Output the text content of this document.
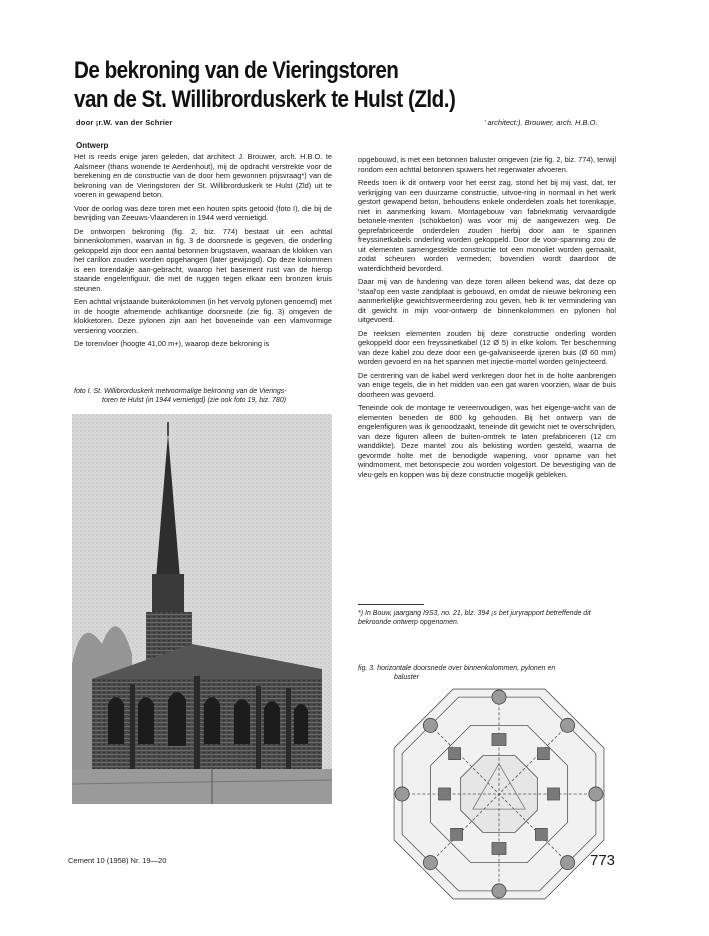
De bekroning van de Vieringstoren
van de St. Willibrorduskerk te Hulst (Zld.)
door ¡r.W. van der Schrier	' architect:). Brouwer, arch. H.B.O.
Ontwerp

Het is reeds enige jaren geleden, dat architect J. Brouwer, arch. H.B.O. te Aalsmeer (thans wonende te Aerdenhout), mij de opdracht verstrekte voor de berekening en de constructie van de door hem gewonnen prijsvraag*) van de bekroning van de Vieringstoren der St. Willibrorduskerk te Hulst (Zld) uit te voeren in gewapend beton.

Voor de oorlog was deze toren met een houten spits getooid (foto I), die bij de bevrijding van Zeeuws-Vlaanderen in 1944 werd vernietigd.

De ontworpen bekroning (fig. 2, biz. 774) bestaat uit een achttal binnenkolommen, waarvan in fig. 3 de doorsnede is gegeven, die onderling gekoppeld zijn door een aantal betonnen brugstaven, waaraan de klokken van het carillon zouden worden opgehangen (later gewijzigd). Op deze kolommen is een torendakje aan-gebracht, waarop het basement rust van de hierop staande engelenfiguur, die met de ruggen tegen elkaar een bronzen kruis steunen.

Een achttal vrijstaande buitenkolommen (in het vervolg pylonen genoemd) met in de hoogte afnemende achtkantige doorsnede (zie fig. 3) omgeven de klokketoren. Deze pylonen zijn aan het boveneinde van een vlamvormige versiering voorzien.

De torenvloer (hoogte 41,00 m+), waarop deze bekroning is

foto I. St. Willibrorduskerk metvoormalige bekroning van de Vierings-
toren te Hulst (in 1944 vernietigd) (zie ook foto 19, biz. 780)

opgebouwd, is met een betonnen baluster omgeven (zie fig. 2, biz. 774), terwijl rondom een achttal betonnen spuwers het regenwater afvoeren.

Reeds toen ik dit ontwerp voor het eerst zag, stond het bij mij vast, dat, ter verkrijging van een duurzame constructie, uitvoe-ring in normaal in het werk gestort gewapend beton, behoudens enkele onderdelen zoals het torenkapje, niet in aanmerking kwam. Montagebouw van fabriekmatig vervaardigde betonele-menten (schokbeton) was voor mij de aangewezen weg. De geprefabriceerde onderdelen zouden hierbij door aan te spannen freyssinetkabels onderling worden gekoppeld. Door de voor-spanning zou de uit elementen samengestelde constructie tot een monoliet worden gemaakt, zodat scheuren worden vermeden; bovendien wordt daardoor de waterdichtheid bevorderd.

Daar mij van de fundering van deze toren alleen bekend was, dat deze op 'staal'op een vaste zandplaat is gebouwd, en omdat de nieuwe bekroning een aanmerkelijke gewichtsvermeerdering zou geven, heb ik ter vermindering van dit gewicht in mijn voor-ontwerp de binnenkolommen en pylonen hol uitgevoerd.

De reeksen elementen zouden bij deze constructie onderling worden gekoppeld door een freyssinetkabel (12 Ø 5) in elke kolom. Ter bescherming van deze kabel zou deze door een ge-galvaniseerde ijzeren buis (Ø 60 mm) worden gevoerd en na het spannen met injectie-mortel worden geïnjecteerd.

De centrering van de kabel werd verkregen door het in de holte aanbrengen van enige tegels, die in het midden van een gat waren voorzien, waar de buis doorheen was gevoerd.

Teneinde ook de montage te vereenvoudigen, was het eigenge-wicht van de elementen beneden de 800 kg gehouden. Bij het ontwerp van de engelenfiguren was ik genoodzaakt, teneinde dit gewicht niet te overschrijden, van deze figuren alleen de buiten-omtrek te laten prefabriceren (12 cm wanddikte). Deze mantel zou als bekisting worden gesteld, waarna de gevormde holte met de benodigde wapening, voor opname van het windmoment, met betonspecie zou worden volgestort. De bevestiging van de vleu-gels en koppen was bij deze constructie mogelijk gebleken.

*) In Bouw, jaargang I9S3, no. 21, blz. 394 ¡s bet juryrapport betreffende dit bekroonde ontwerp opgenomen.
fig. 3. horizontale doorsnede over binnenkolommen, pylonen en
baluster
Cement 10 (1958) Nr. 19—20	773
